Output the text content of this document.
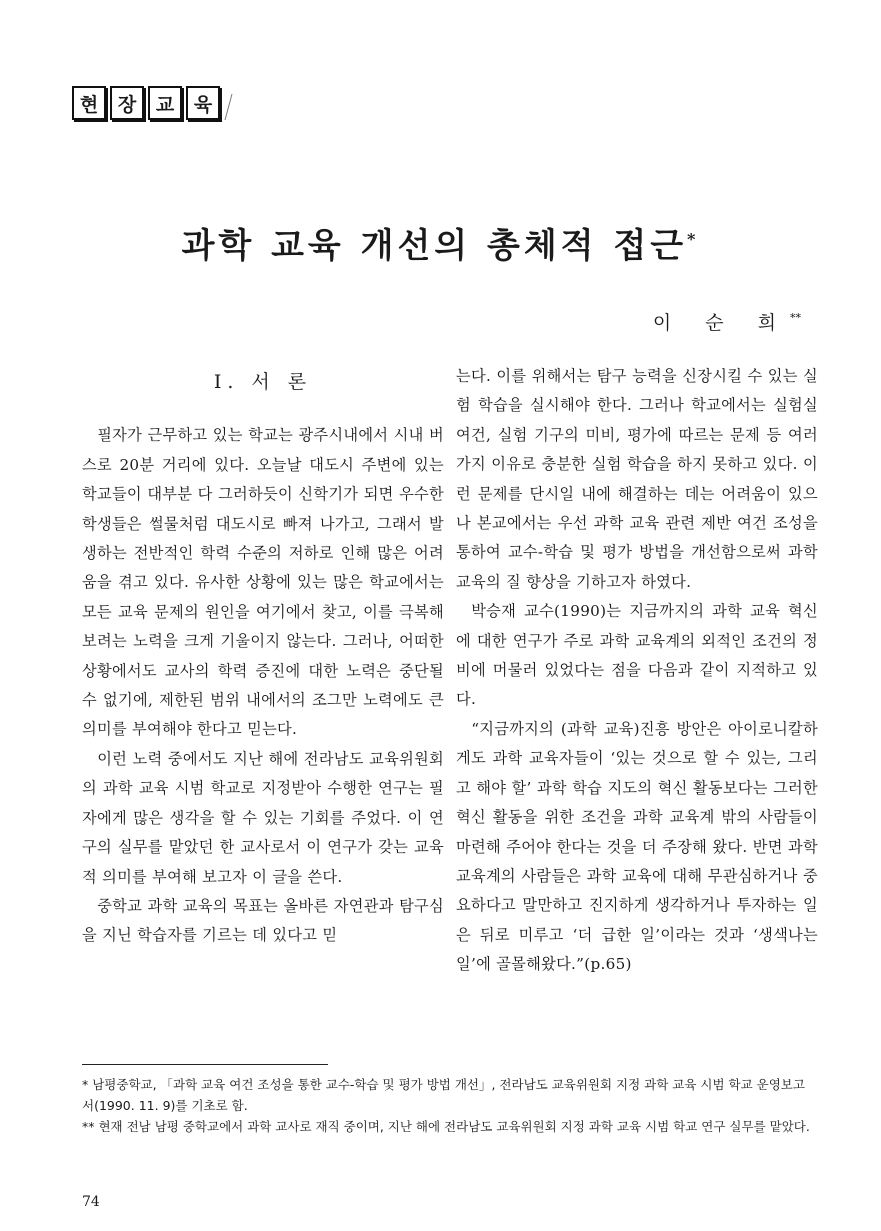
현	장	교	육
과학 교육 개선의 총체적 접근*
이 순 희**
Ⅰ. 서 론

필자가 근무하고 있는 학교는 광주시내에서 시내 버스로 20분 거리에 있다. 오늘날 대도시 주변에 있는 학교들이 대부분 다 그러하듯이 신학기가 되면 우수한 학생들은 썰물처럼 대도시로 빠져 나가고, 그래서 발생하는 전반적인 학력 수준의 저하로 인해 많은 어려움을 겪고 있다. 유사한 상황에 있는 많은 학교에서는 모든 교육 문제의 원인을 여기에서 찾고, 이를 극복해 보려는 노력을 크게 기울이지 않는다. 그러나, 어떠한 상황에서도 교사의 학력 증진에 대한 노력은 중단될 수 없기에, 제한된 범위 내에서의 조그만 노력에도 큰 의미를 부여해야 한다고 믿는다.

이런 노력 중에서도 지난 해에 전라남도 교육위원회의 과학 교육 시범 학교로 지정받아 수행한 연구는 필자에게 많은 생각을 할 수 있는 기회를 주었다. 이 연구의 실무를 맡았던 한 교사로서 이 연구가 갖는 교육적 의미를 부여해 보고자 이 글을 쓴다.

중학교 과학 교육의 목표는 올바른 자연관과 탐구심을 지닌 학습자를 기르는 데 있다고 믿

는다. 이를 위해서는 탐구 능력을 신장시킬 수 있는 실험 학습을 실시해야 한다. 그러나 학교에서는 실험실 여건, 실험 기구의 미비, 평가에 따르는 문제 등 여러가지 이유로 충분한 실험 학습을 하지 못하고 있다. 이런 문제를 단시일 내에 해결하는 데는 어려움이 있으나 본교에서는 우선 과학 교육 관련 제반 여건 조성을 통하여 교수-학습 및 평가 방법을 개선함으로써 과학 교육의 질 향상을 기하고자 하였다.

박승재 교수(1990)는 지금까지의 과학 교육 혁신에 대한 연구가 주로 과학 교육계의 외적인 조건의 정비에 머물러 있었다는 점을 다음과 같이 지적하고 있다.

“지금까지의 (과학 교육)진흥 방안은 아이로니칼하게도 과학 교육자들이 ‘있는 것으로 할 수 있는, 그리고 해야 할’ 과학 학습 지도의 혁신 활동보다는 그러한 혁신 활동을 위한 조건을 과학 교육계 밖의 사람들이 마련해 주어야 한다는 것을 더 주장해 왔다. 반면 과학 교육계의 사람들은 과학 교육에 대해 무관심하거나 중요하다고 말만하고 진지하게 생각하거나 투자하는 일은 뒤로 미루고 ‘더 급한 일’이라는 것과 ‘생색나는 일’에 골몰해왔다.”(p.65)

* 남평중학교, 「과학 교육 여건 조성을 통한 교수-학습 및 평가 방법 개선」, 전라남도 교육위원회 지정 과학 교육 시범 학교 운영보고서(1990. 11. 9)를 기초로 함.

** 현재 전남 남평 중학교에서 과학 교사로 재직 중이며, 지난 해에 전라남도 교육위원회 지정 과학 교육 시범 학교 연구 실무를 맡았다.

74
